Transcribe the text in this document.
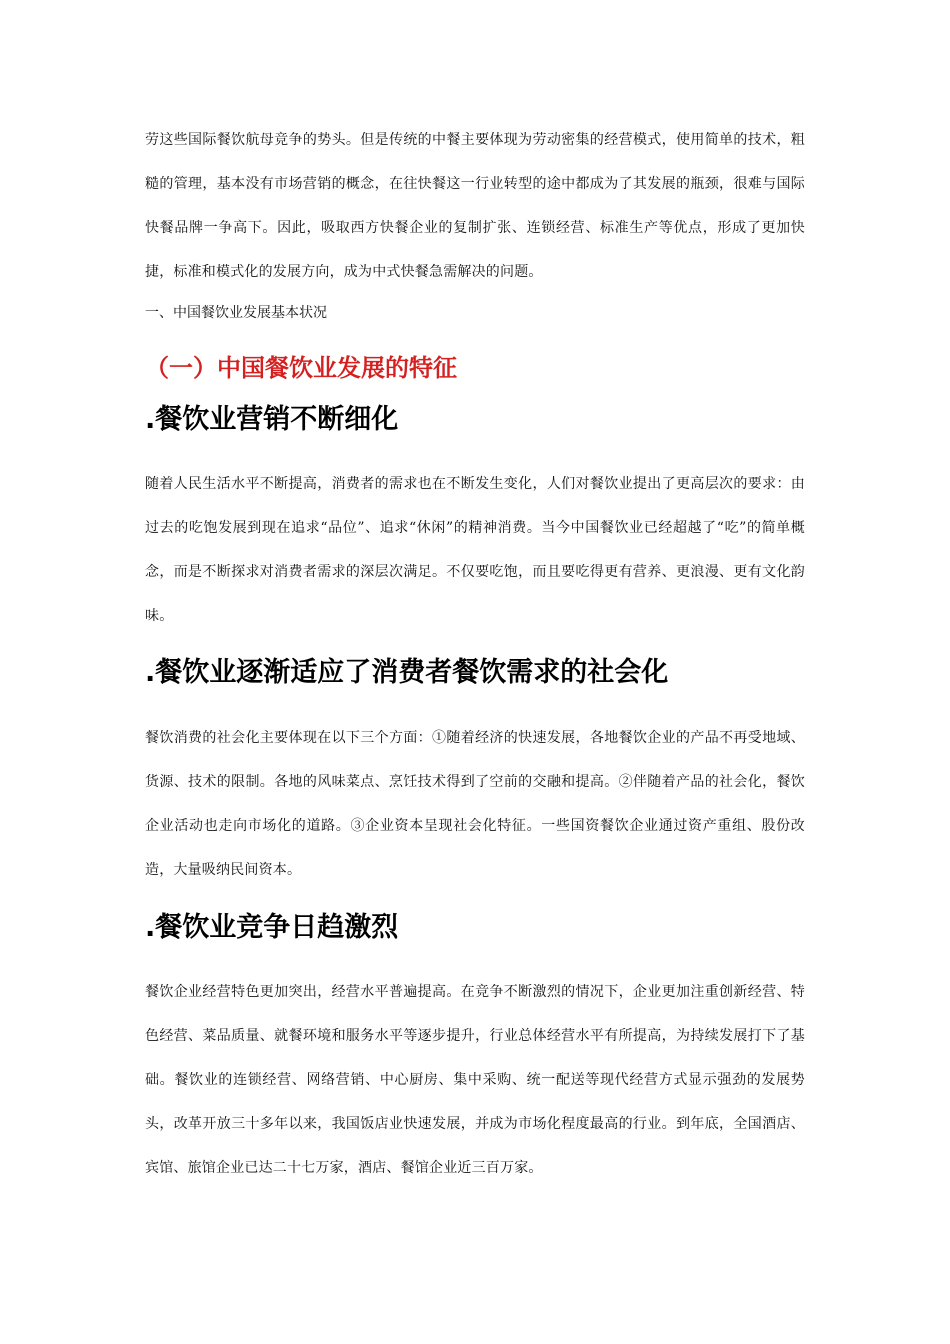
劳这些国际餐饮航母竞争的势头。但是传统的中餐主要体现为劳动密集的经营模式，使用简单的技术，粗糙的管理，基本没有市场营销的概念，在往快餐这一行业转型的途中都成为了其发展的瓶颈，很难与国际快餐品牌一争高下。因此，吸取西方快餐企业的复制扩张、连锁经营、标准生产等优点，形成了更加快捷，标准和模式化的发展方向，成为中式快餐急需解决的问题。
一、中国餐饮业发展基本状况
（一）中国餐饮业发展的特征
.餐饮业营销不断细化
随着人民生活水平不断提高，消费者的需求也在不断发生变化，人们对餐饮业提出了更高层次的要求：由过去的吃饱发展到现在追求“品位”、追求“休闲”的精神消费。当今中国餐饮业已经超越了“吃”的简单概念，而是不断探求对消费者需求的深层次满足。不仅要吃饱，而且要吃得更有营养、更浪漫、更有文化韵味。
.餐饮业逐渐适应了消费者餐饮需求的社会化
餐饮消费的社会化主要体现在以下三个方面：①随着经济的快速发展，各地餐饮企业的产品不再受地域、货源、技术的限制。各地的风味菜点、烹饪技术得到了空前的交融和提高。②伴随着产品的社会化，餐饮企业活动也走向市场化的道路。③企业资本呈现社会化特征。一些国资餐饮企业通过资产重组、股份改造，大量吸纳民间资本。
.餐饮业竞争日趋激烈
餐饮企业经营特色更加突出，经营水平普遍提高。在竞争不断激烈的情况下，企业更加注重创新经营、特色经营、菜品质量、就餐环境和服务水平等逐步提升，行业总体经营水平有所提高，为持续发展打下了基础。餐饮业的连锁经营、网络营销、中心厨房、集中采购、统一配送等现代经营方式显示强劲的发展势头，改革开放三十多年以来，我国饭店业快速发展，并成为市场化程度最高的行业。到年底，全国酒店、宾馆、旅馆企业已达二十七万家，酒店、餐馆企业近三百万家。
